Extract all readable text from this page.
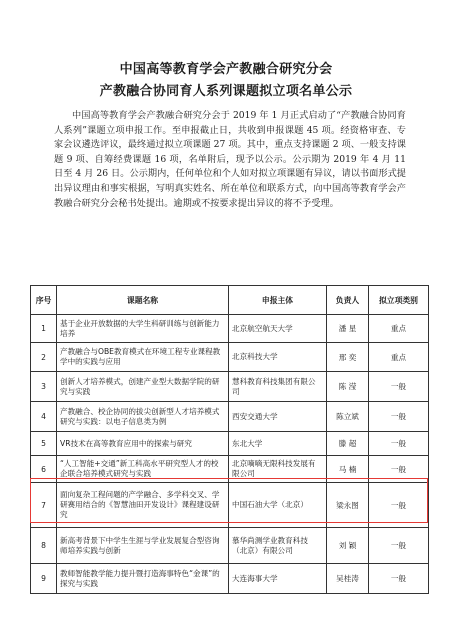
中国高等教育学会产教融合研究分会
产教融合协同育人系列课题拟立项名单公示

中国高等教育学会产教融合研究分会于 2019 年 1 月正式启动了“产教融合协同育人系列”课题立项申报工作。至申报截止日，共收到申报课题 45 项。经资格审查、专家会议遴选评议，最终通过拟立项课题 27 项。其中，重点支持课题 2 项、一般支持课题 9 项、自筹经费课题 16 项，名单附后，现予以公示。公示期为 2019 年 4 月 11 日至 4 月 26 日。公示期内，任何单位和个人如对拟立项课题有异议，请以书面形式提出异议理由和事实根据，写明真实姓名、所在单位和联系方式，向中国高等教育学会产教融合研究分会秘书处提出。逾期或不按要求提出异议的将不予受理。

序号	课题名称	申报主体	负责人	拟立项类别
1	基于企业开放数据的大学生科研训练与创新能力培养	北京航空航天大学	潘 星	重点
2	产教融合与OBE教育模式在环境工程专业课程教学中的实践与应用	北京科技大学	邢 奕	重点
3	创新人才培养模式，创建产业型大数据学院的研究与实践	慧科教育科技集团有限公司	陈 滢	一般
4	产教融合、校企协同的拔尖创新型人才培养模式研究与实践：以电子信息类为例	西安交通大学	陈立斌	一般
5	VR技术在高等教育应用中的探索与研究	东北大学	滕 超	一般
6	“人工智能+交通”新工科高水平研究型人才的校企联合培养模式研究与实践	北京嘀嘀无限科技发展有限公司	马 楠	一般
7	面向复杂工程问题的产学融合、多学科交叉、学研赛用结合的《智慧油田开发设计》课程建设研究	中国石油大学（北京）	梁永图	一般
8	新高考背景下中学生生涯与学业发展复合型咨询师培养实践与创新	慕华尚测学业教育科技（北京）有限公司	刘 颖	一般
9	教师智能教学能力提升暨打造海事特色“金课”的探究与实践	大连海事大学	吴桂涛	一般
